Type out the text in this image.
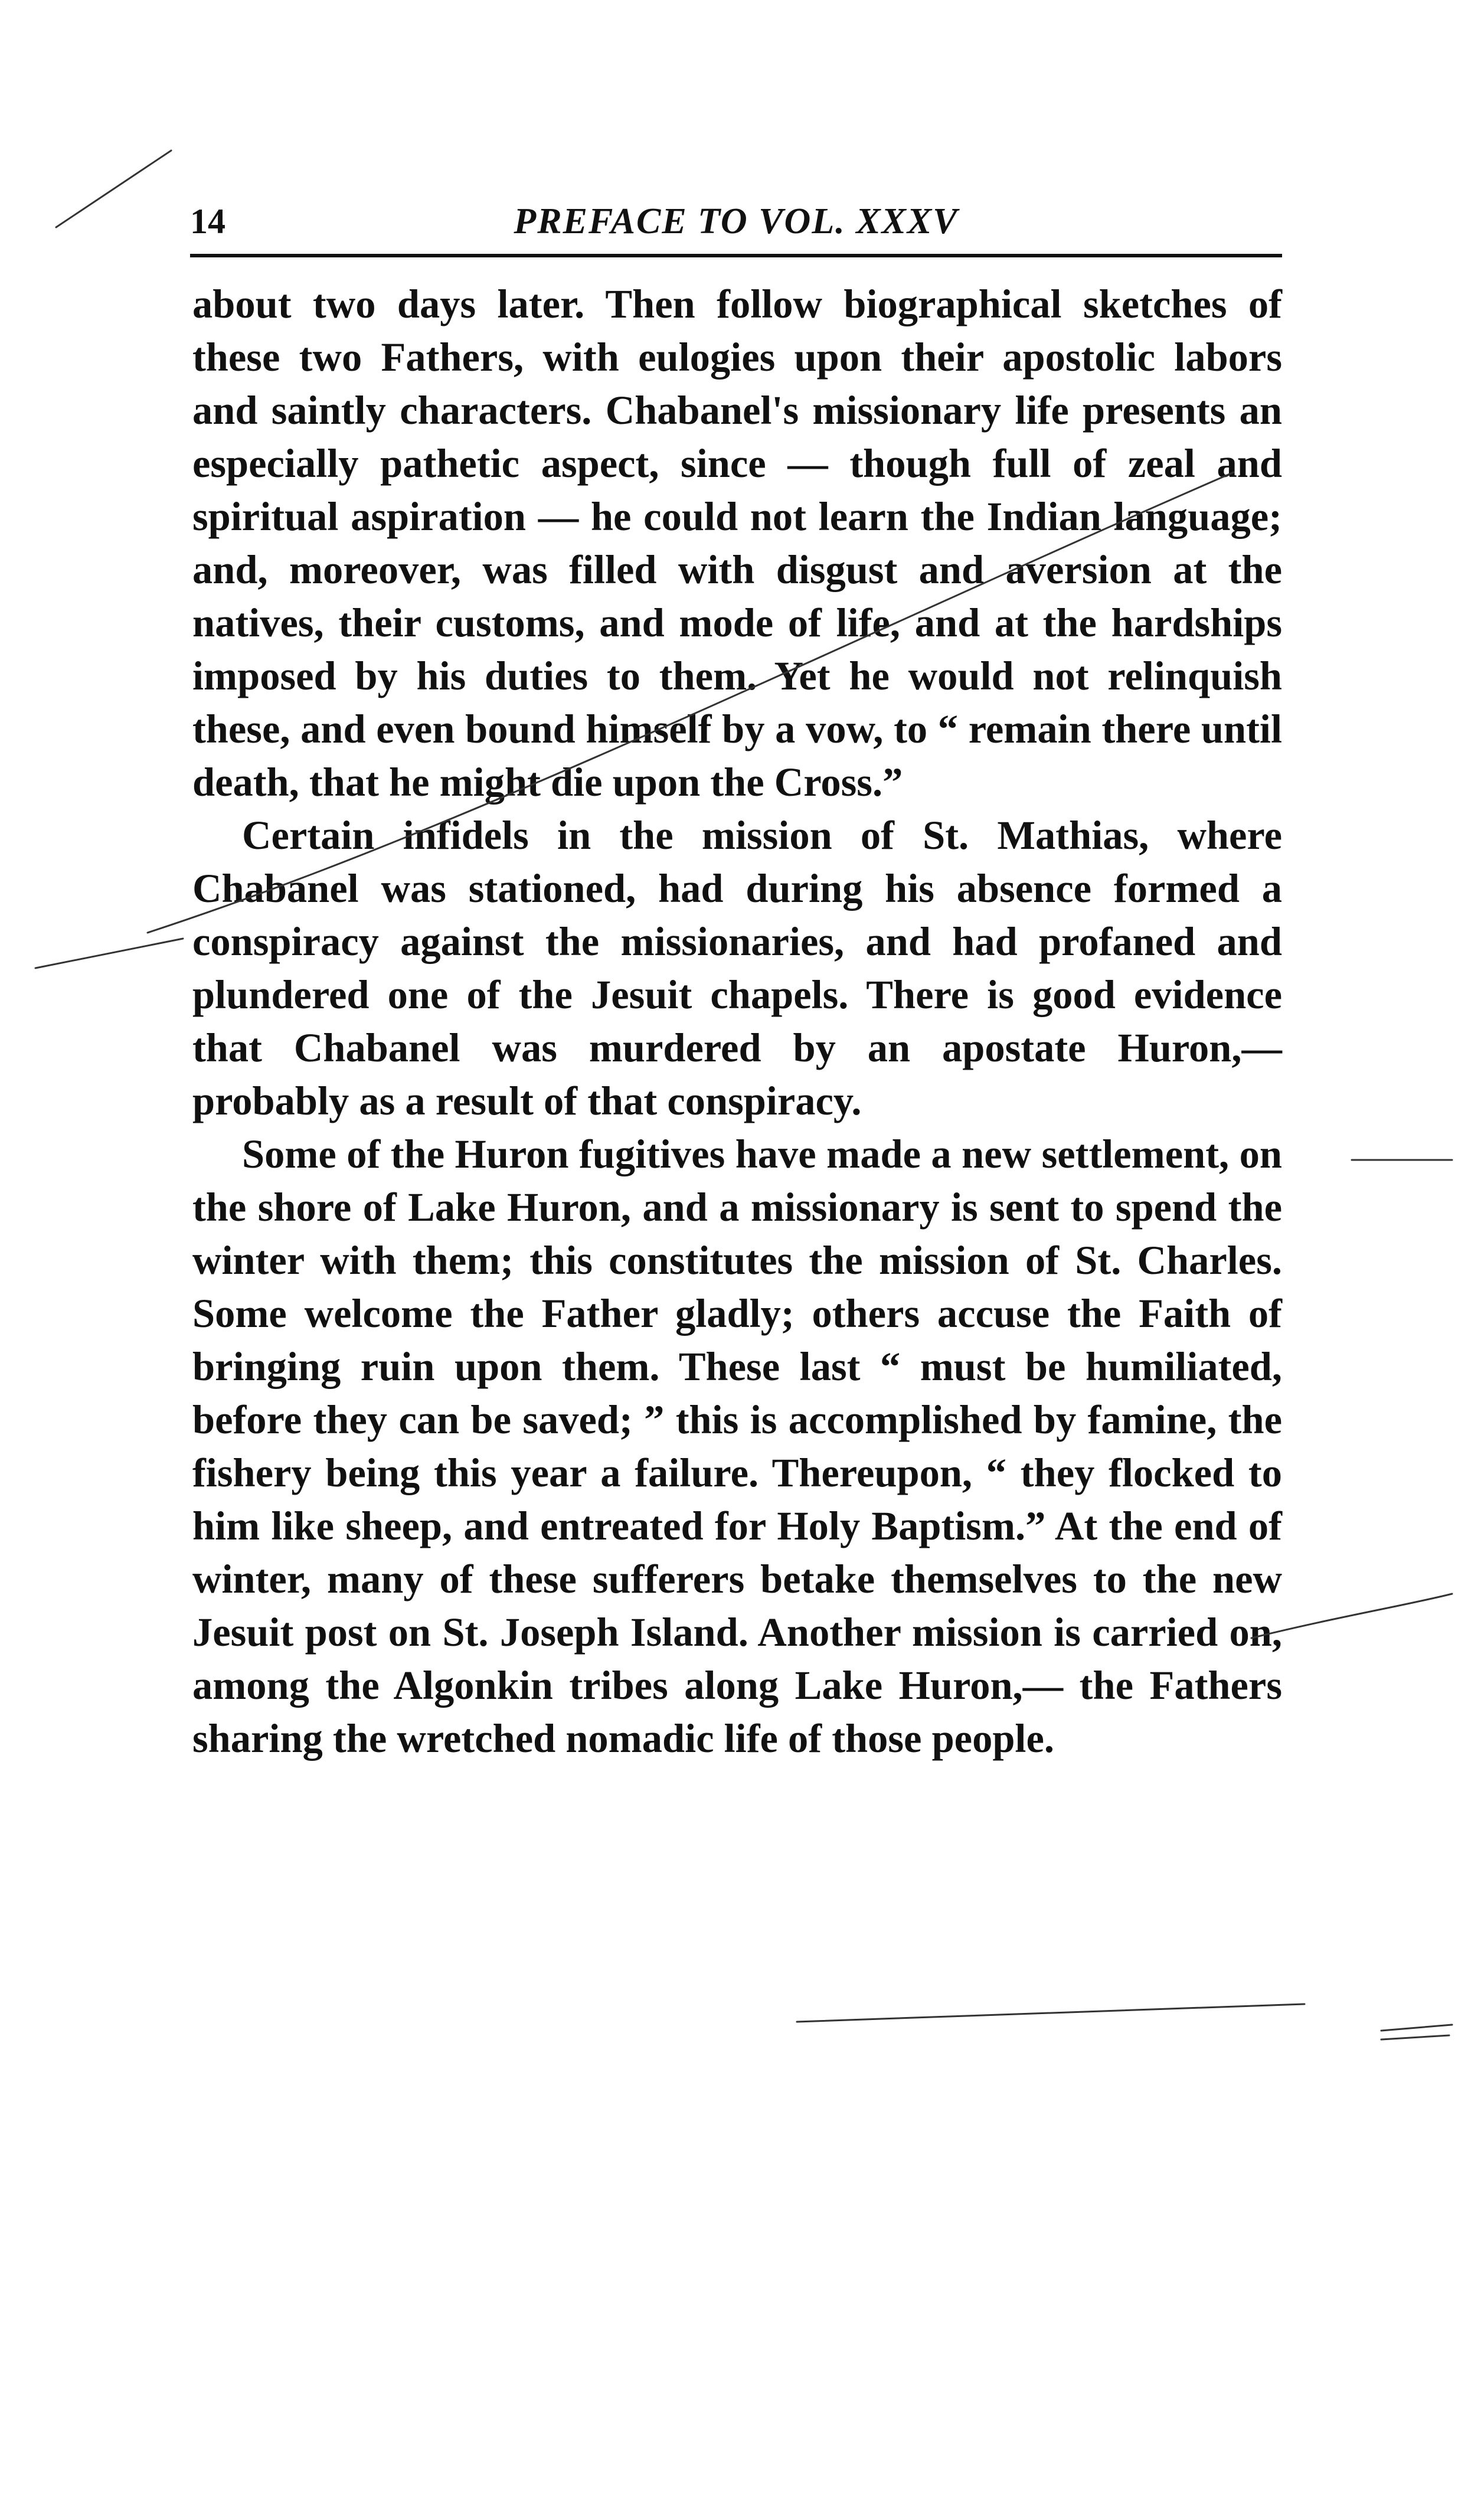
14	PREFACE TO VOL. XXXV

about two days later. Then follow biographical sketches of these two Fathers, with eulogies upon their apostolic labors and saintly characters. Chabanel's missionary life presents an especially pathetic aspect, since — though full of zeal and spiritual aspiration — he could not learn the Indian language; and, moreover, was filled with disgust and aversion at the natives, their customs, and mode of life, and at the hardships imposed by his duties to them. Yet he would not relinquish these, and even bound himself by a vow, to “ remain there until death, that he might die upon the Cross.”

Certain infidels in the mission of St. Mathias, where Chabanel was stationed, had during his absence formed a conspiracy against the missionaries, and had profaned and plundered one of the Jesuit chapels. There is good evidence that Chabanel was murdered by an apostate Huron,— probably as a result of that conspiracy.

Some of the Huron fugitives have made a new settlement, on the shore of Lake Huron, and a missionary is sent to spend the winter with them; this constitutes the mission of St. Charles. Some welcome the Father gladly; others accuse the Faith of bringing ruin upon them. These last “ must be humiliated, before they can be saved; ” this is accomplished by famine, the fishery being this year a failure. Thereupon, “ they flocked to him like sheep, and entreated for Holy Baptism.” At the end of winter, many of these sufferers betake themselves to the new Jesuit post on St. Joseph Island. Another mission is carried on, among the Algonkin tribes along Lake Huron,— the Fathers sharing the wretched nomadic life of those people.
